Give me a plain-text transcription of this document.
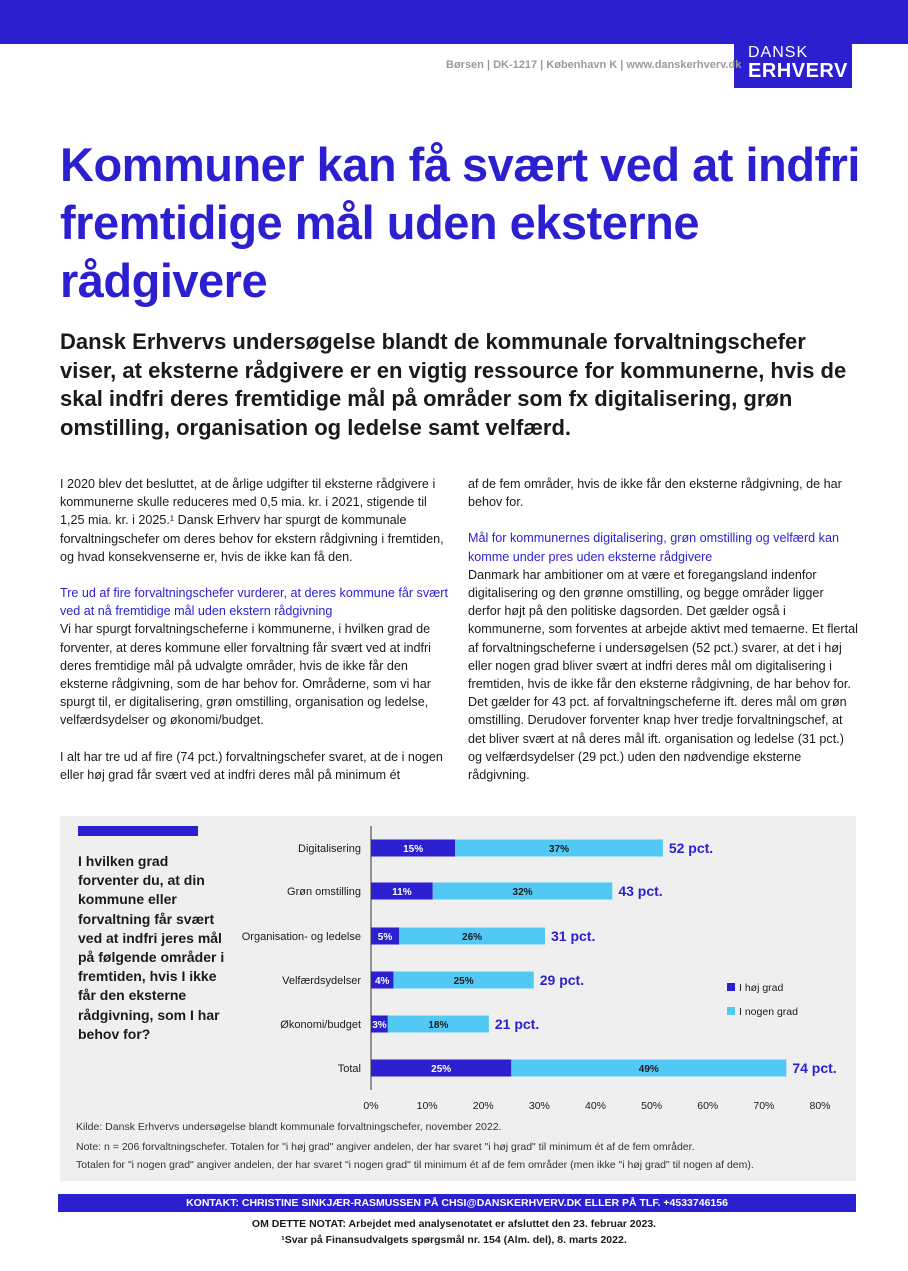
DANSK
ERHVERV
Børsen | DK-1217 | København K | www.danskerhverv.dk
Kommuner kan få svært ved at indfri fremtidige mål uden eksterne rådgivere

Dansk Erhvervs undersøgelse blandt de kommunale forvaltningschefer viser, at eksterne rådgivere er en vigtig ressource for kommunerne, hvis de skal indfri deres fremtidige mål på områder som fx digitalisering, grøn omstilling, organisation og ledelse samt velfærd.

I 2020 blev det besluttet, at de årlige udgifter til eksterne rådgivere i kommunerne skulle reduceres med 0,5 mia. kr. i 2021, stigende til 1,25 mia. kr. i 2025.¹ Dansk Erhverv har spurgt de kommunale forvaltningschefer om deres behov for ekstern rådgivning i fremtiden, og hvad konsekvenserne er, hvis de ikke kan få den.

Tre ud af fire forvaltningschefer vurderer, at deres kommune får svært ved at nå fremtidige mål uden ekstern rådgivning

Vi har spurgt forvaltningscheferne i kommunerne, i hvilken grad de forventer, at deres kommune eller forvaltning får svært ved at indfri deres fremtidige mål på udvalgte områder, hvis de ikke får den eksterne rådgivning, som de har behov for. Områderne, som vi har spurgt til, er digitalisering, grøn omstilling, organisation og ledelse, velfærdsydelser og økonomi/budget.

I alt har tre ud af fire (74 pct.) forvaltningschefer svaret, at de i nogen eller høj grad får svært ved at indfri deres mål på minimum ét

af de fem områder, hvis de ikke får den eksterne rådgivning, de har behov for.

Mål for kommunernes digitalisering, grøn omstilling og velfærd kan komme under pres uden eksterne rådgivere

Danmark har ambitioner om at være et foregangsland indenfor digitalisering og den grønne omstilling, og begge områder ligger derfor højt på den politiske dagsorden. Det gælder også i kommunerne, som forventes at arbejde aktivt med temaerne. Et flertal af forvaltningscheferne i undersøgelsen (52 pct.) svarer, at det i høj eller nogen grad bliver svært at indfri deres mål om digitalisering i fremtiden, hvis de ikke får den eksterne rådgivning, de har behov for. Det gælder for 43 pct. af forvaltningscheferne ift. deres mål om grøn omstilling. Derudover forventer knap hver tredje forvaltningschef, at det bliver svært at nå deres mål ift. organisation og ledelse (31 pct.) og velfærdsydelser (29 pct.) uden den nødvendige eksterne rådgivning.

I hvilken grad forventer du, at din kommune eller forvaltning får svært ved at indfri jeres mål på følgende områder i fremtiden, hvis I ikke får den eksterne rådgivning, som I har behov for?
Digitalisering	15%	37%	52 pct.
Grøn omstilling	11%	32%	43 pct.
Organisation- og ledelse 5%	26%	31 pct.
Velfærdsydelser 4%	25%	29 pct.
Økonomi/budget 3%	18%	21 pct.
Total	25%	49%	74 pct.
0%	10%	20%	30%	40%	50%	60%	70%	80%
I høj grad
I nogen grad
Kilde: Dansk Erhvervs undersøgelse blandt kommunale forvaltningschefer, november 2022.
Note: n = 206 forvaltningschefer. Totalen for "i høj grad" angiver andelen, der har svaret "i høj grad" til minimum ét af de fem områder.
Totalen for "i nogen grad" angiver andelen, der har svaret "i nogen grad" til minimum ét af de fem områder (men ikke "i høj grad" til nogen af dem).
KONTAKT: CHRISTINE SINKJÆR-RASMUSSEN PÅ CHSI@DANSKERHVERV.DK ELLER PÅ TLF. +4533746156
OM DETTE NOTAT: Arbejdet med analysenotatet er afsluttet den 23. februar 2023.
¹Svar på Finansudvalgets spørgsmål nr. 154 (Alm. del), 8. marts 2022.
